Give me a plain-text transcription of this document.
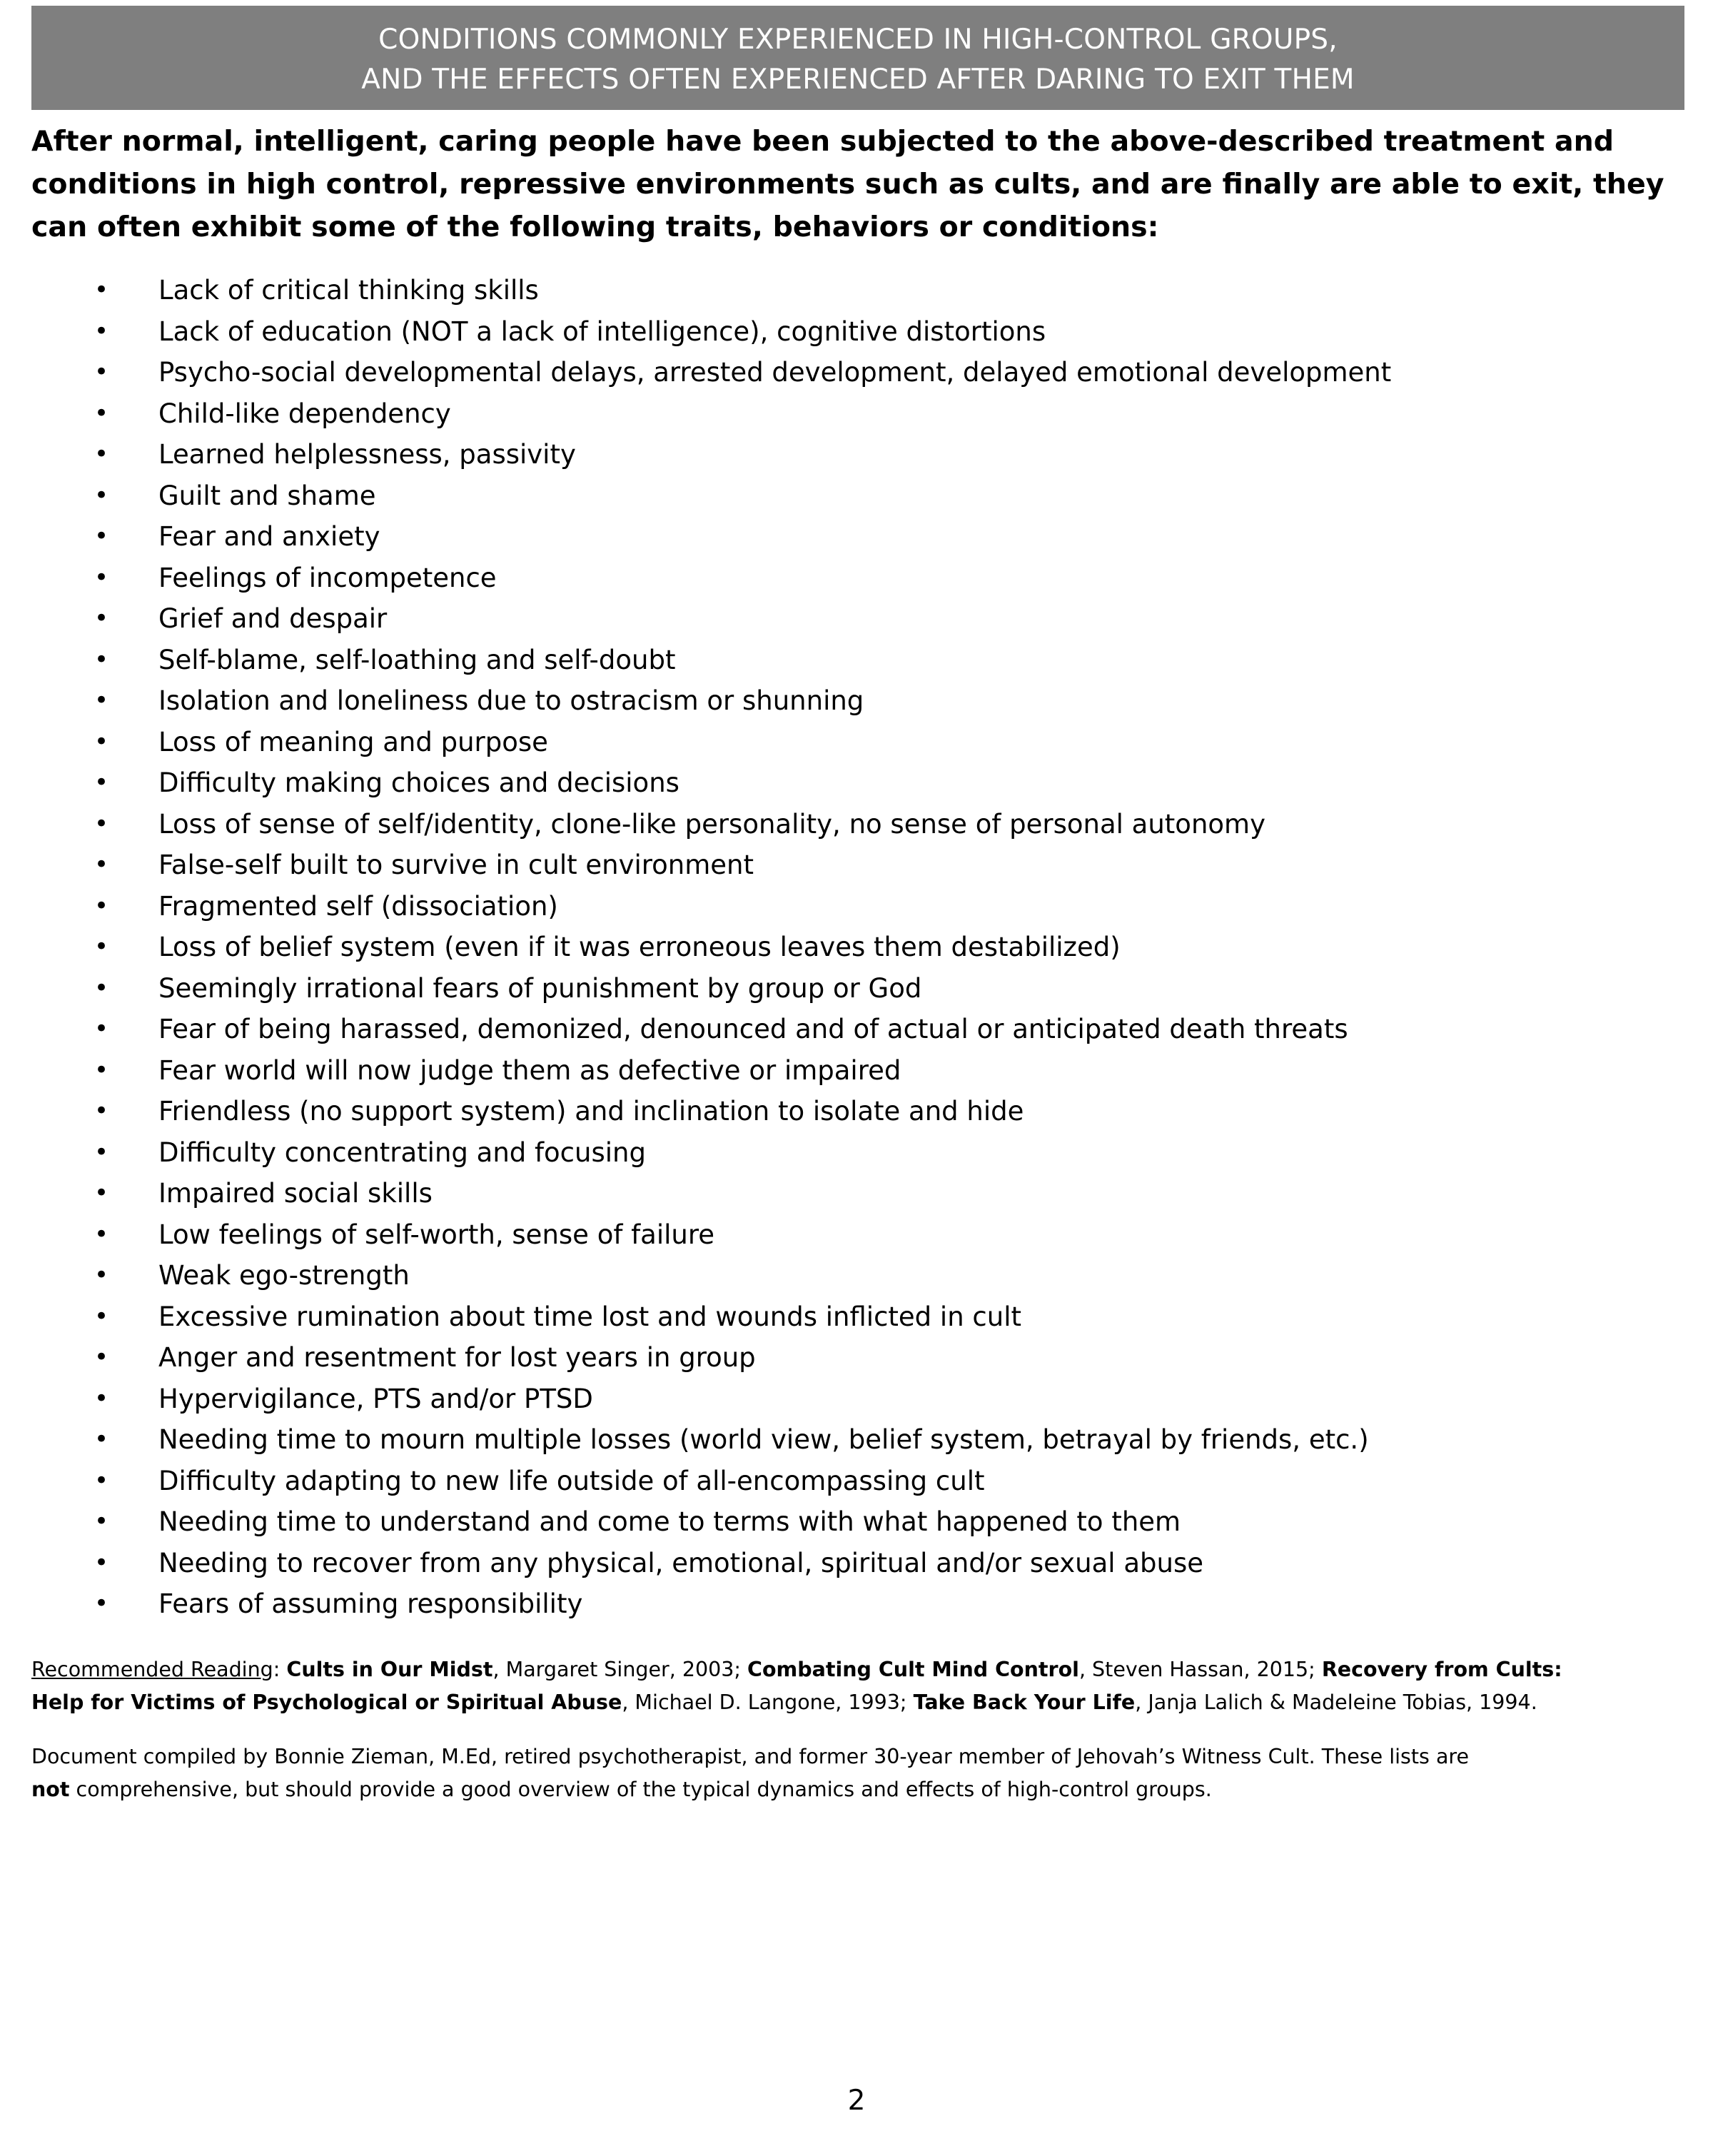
CONDITIONS COMMONLY EXPERIENCED IN HIGH-CONTROL GROUPS,
AND THE EFFECTS OFTEN EXPERIENCED AFTER DARING TO EXIT THEM
After normal, intelligent, caring people have been subjected to the above-described treatment and
conditions in high control, repressive environments such as cults, and are finally are able to exit, they
can often exhibit some of the following traits, behaviors or conditions:
• Lack of critical thinking skills
• Lack of education (NOT a lack of intelligence), cognitive distortions
• Psycho-social developmental delays, arrested development, delayed emotional development
• Child-like dependency
• Learned helplessness, passivity
• Guilt and shame
• Fear and anxiety
• Feelings of incompetence
• Grief and despair
• Self-blame, self-loathing and self-doubt
• Isolation and loneliness due to ostracism or shunning
• Loss of meaning and purpose
• Difficulty making choices and decisions
• Loss of sense of self/identity, clone-like personality, no sense of personal autonomy
• False-self built to survive in cult environment
• Fragmented self (dissociation)
• Loss of belief system (even if it was erroneous leaves them destabilized)
• Seemingly irrational fears of punishment by group or God
• Fear of being harassed, demonized, denounced and of actual or anticipated death threats
• Fear world will now judge them as defective or impaired
• Friendless (no support system) and inclination to isolate and hide
• Difficulty concentrating and focusing
• Impaired social skills
• Low feelings of self-worth, sense of failure
• Weak ego-strength
• Excessive rumination about time lost and wounds inflicted in cult
• Anger and resentment for lost years in group
• Hypervigilance, PTS and/or PTSD
• Needing time to mourn multiple losses (world view, belief system, betrayal by friends, etc.)
• Difficulty adapting to new life outside of all-encompassing cult
• Needing time to understand and come to terms with what happened to them
• Needing to recover from any physical, emotional, spiritual and/or sexual abuse
• Fears of assuming responsibility
Recommended Reading: Cults in Our Midst, Margaret Singer, 2003; Combating Cult Mind Control, Steven Hassan, 2015; Recovery from Cults:
Help for Victims of Psychological or Spiritual Abuse, Michael D. Langone, 1993; Take Back Your Life, Janja Lalich & Madeleine Tobias, 1994.
Document compiled by Bonnie Zieman, M.Ed, retired psychotherapist, and former 30-year member of Jehovah’s Witness Cult. These lists are
not comprehensive, but should provide a good overview of the typical dynamics and effects of high-control groups.
2
